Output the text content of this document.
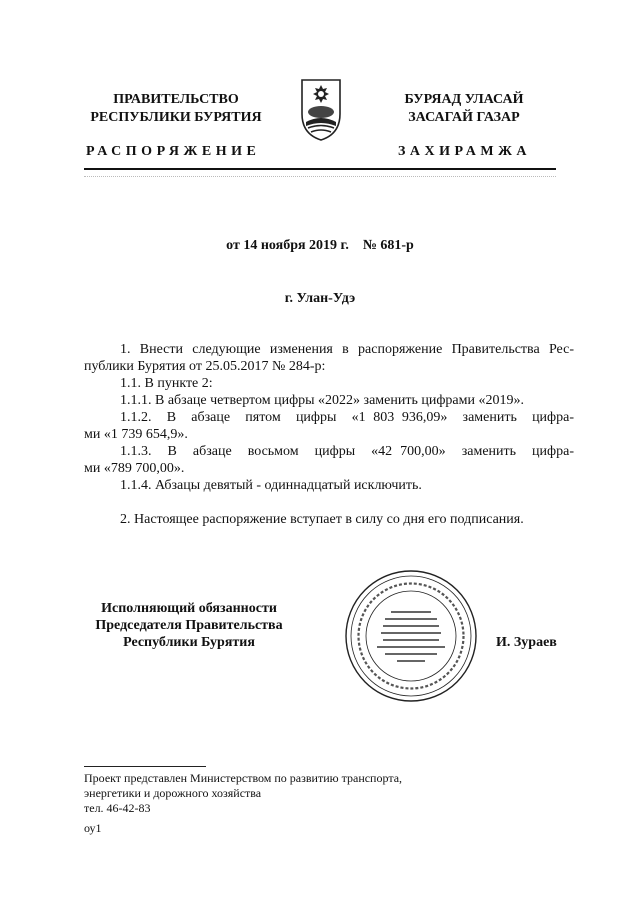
ПРАВИТЕЛЬСТВО
РЕСПУБЛИКИ БУРЯТИЯ
РАСПОРЯЖЕНИЕ
БУРЯАД УЛАСАЙ
ЗАСАГАЙ ГАЗАР
ЗАХИРАМЖА
от 14 ноября 2019 г.    № 681-р
г. Улан-Удэ
1. Внести следующие изменения в распоряжение Правительства Рес-
публики Бурятия от 25.05.2017 № 284-р:
1.1. В пункте 2:
1.1.1. В абзаце четвертом цифры «2022» заменить цифрами «2019».
1.1.2.  В  абзаце  пятом  цифры  «1 803 936,09»  заменить  цифра-
ми «1 739 654,9».
1.1.3.  В  абзаце  восьмом  цифры  «42 700,00»  заменить  цифра-
ми «789 700,00».
1.1.4. Абзацы девятый - одиннадцатый исключить.
2. Настоящее распоряжение вступает в силу со дня его подписания.
Исполняющий обязанности
Председателя Правительства
Республики Бурятия	И. Зураев
Проект представлен Министерством по развитию транспорта,
энергетики и дорожного хозяйства
тел. 46-42-83
оу1
